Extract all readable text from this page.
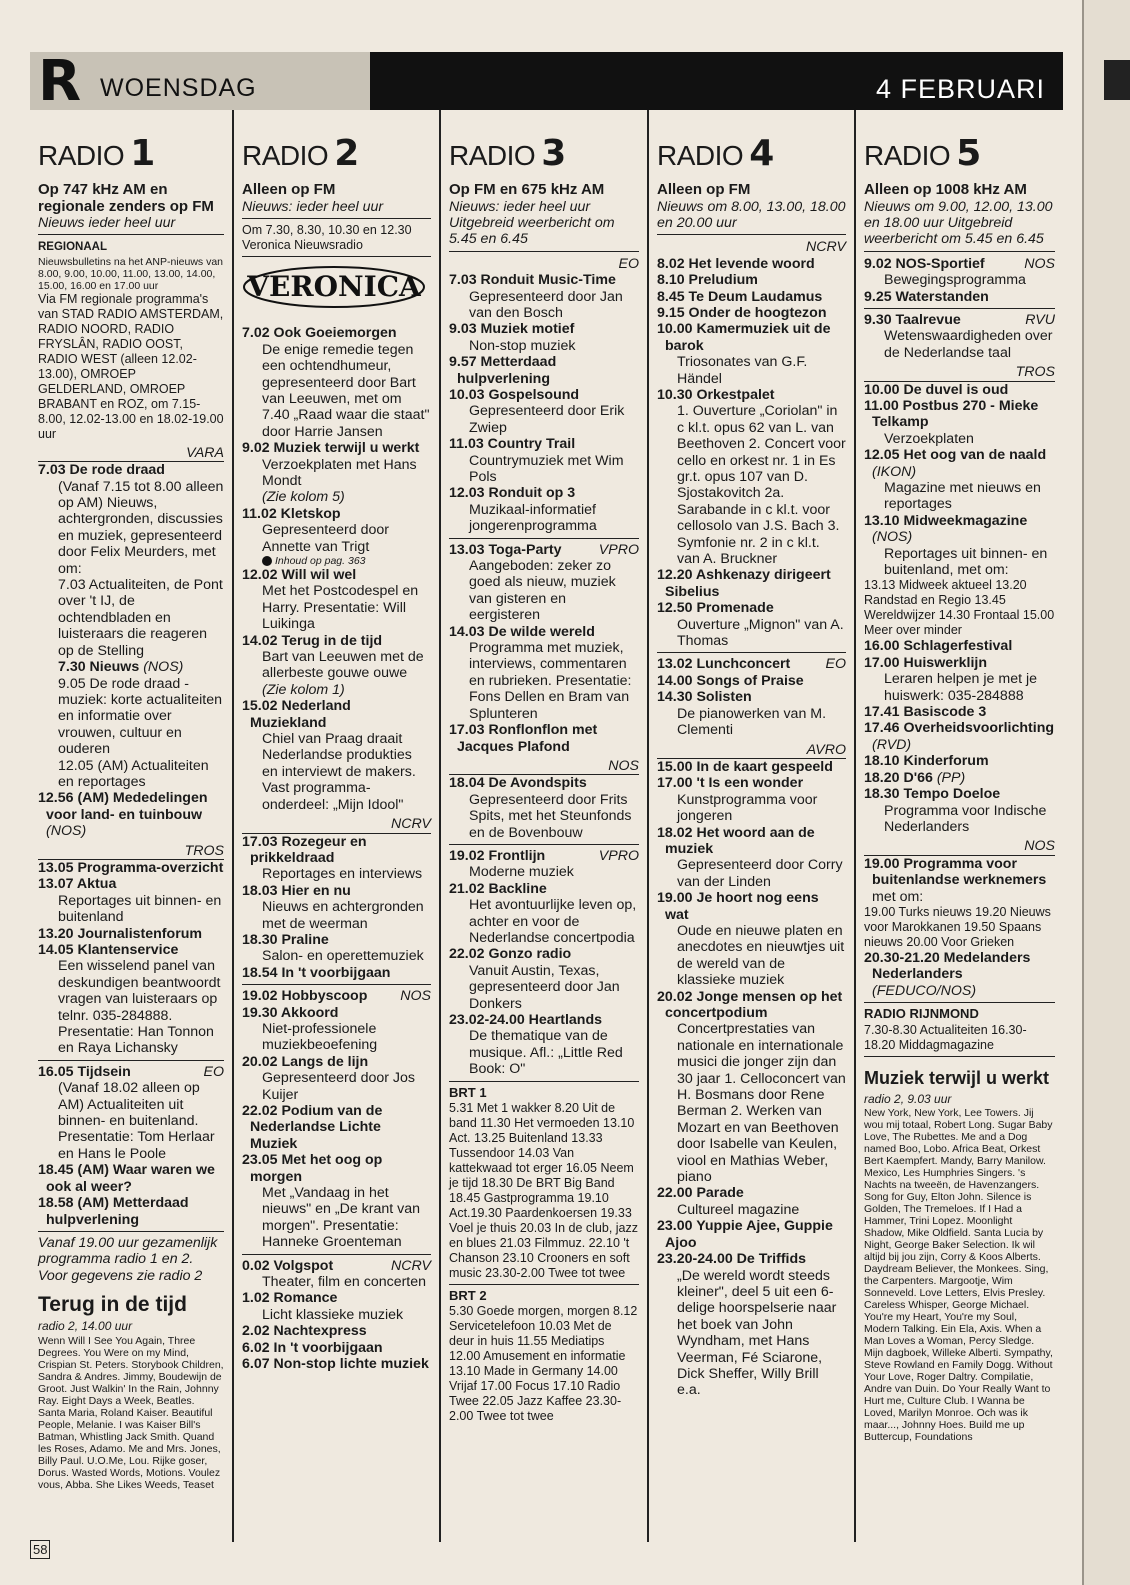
R WOENSDAG	4 FEBRUARI
RADIO 1
Op 747 kHz AM en regionale zenders op FM
Nieuws ieder heel uur
REGIONAAL
Nieuwsbulletins na het ANP-nieuws van 8.00, 9.00, 10.00, 11.00, 13.00, 14.00, 15.00, 16.00 en 17.00 uur
Via FM regionale programma's van STAD RADIO AMSTERDAM, RADIO NOORD, RADIO FRYSLÂN, RADIO OOST, RADIO WEST (alleen 12.02-13.00), OMROEP GELDERLAND, OMROEP BRABANT en ROZ, om 7.15-8.00, 12.02-13.00 en 18.02-19.00 uur
VARA
7.03 De rode draad
(Vanaf 7.15 tot 8.00 alleen op AM) Nieuws, achtergronden, discussies en muziek, gepresenteerd door Felix Meurders, met om:
7.03 Actualiteiten, de Pont over 't IJ, de ochtendbladen en luisteraars die reageren op de Stelling
7.30 Nieuws (NOS)
9.05 De rode draad - muziek: korte actualiteiten en informatie over vrouwen, cultuur en ouderen
12.05 (AM) Actualiteiten en reportages
12.56 (AM) Mededelingen voor land- en tuinbouw (NOS)
TROS
13.05 Programma-overzicht
13.07 Aktua
Reportages uit binnen- en buitenland
13.20 Journalistenforum
14.05 Klantenservice
Een wisselend panel van deskundigen beantwoordt vragen van luisteraars op telnr. 035-284888. Presentatie: Han Tonnon en Raya Lichansky
16.05 Tijdsein	EO
(Vanaf 18.02 alleen op AM) Actualiteiten uit binnen- en buitenland. Presentatie: Tom Herlaar en Hans le Poole
18.45 (AM) Waar waren we ook al weer?
18.58 (AM) Metterdaad hulpverlening
Vanaf 19.00 uur gezamenlijk programma radio 1 en 2. Voor gegevens zie radio 2
Terug in de tijd
radio 2, 14.00 uur
Wenn Will I See You Again, Three Degrees. You Were on my Mind, Crispian St. Peters. Storybook Children, Sandra & Andres. Jimmy, Boudewijn de Groot. Just Walkin' In the Rain, Johnny Ray. Eight Days a Week, Beatles. Santa Maria, Roland Kaiser. Beautiful People, Melanie. I was Kaiser Bill's Batman, Whistling Jack Smith. Quand les Roses, Adamo. Me and Mrs. Jones, Billy Paul. U.O.Me, Lou. Rijke goser, Dorus. Wasted Words, Motions. Voulez vous, Abba. She Likes Weeds, Teaset
RADIO 2
Alleen op FM
Nieuws: ieder heel uur
Om 7.30, 8.30, 10.30 en 12.30 Veronica Nieuwsradio
VERONICA
7.02 Ook Goeiemorgen
De enige remedie tegen een ochtendhumeur, gepresenteerd door Bart van Leeuwen, met om 7.40 „Raad waar die staat" door Harrie Jansen
9.02 Muziek terwijl u werkt
Verzoekplaten met Hans Mondt
(Zie kolom 5)
11.02 Kletskop
Gepresenteerd door Annette van Trigt
Inhoud op pag. 363
12.02 Will wil wel
Met het Postcodespel en Harry. Presentatie: Will Luikinga
14.02 Terug in de tijd
Bart van Leeuwen met de allerbeste gouwe ouwe
(Zie kolom 1)
15.02 Nederland Muziekland
Chiel van Praag draait Nederlandse produkties en interviewt de makers. Vast programma-onderdeel: „Mijn Idool"
NCRV
17.03 Rozegeur en prikkeldraad
Reportages en interviews
18.03 Hier en nu
Nieuws en achtergronden met de weerman
18.30 Praline
Salon- en operettemuziek
18.54 In 't voorbijgaan
19.02 Hobbyscoop NOS
19.30 Akkoord
Niet-professionele muziekbeoefening
20.02 Langs de lijn
Gepresenteerd door Jos Kuijer
22.02 Podium van de Nederlandse Lichte Muziek
23.05 Met het oog op morgen
Met „Vandaag in het nieuws" en „De krant van morgen". Presentatie: Hanneke Groenteman
0.02 Volgspot	NCRV
Theater, film en concerten
1.02 Romance
Licht klassieke muziek
2.02 Nachtexpress
6.02 In 't voorbijgaan
6.07 Non-stop lichte muziek
RADIO 3
Op FM en 675 kHz AM
Nieuws: ieder heel uur Uitgebreid weerbericht om 5.45 en 6.45
EO
7.03 Ronduit Music-Time
Gepresenteerd door Jan van den Bosch
9.03 Muziek motief
Non-stop muziek
9.57 Metterdaad hulpverlening
10.03 Gospelsound
Gepresenteerd door Erik Zwiep
11.03 Country Trail
Countrymuziek met Wim Pols
12.03 Ronduit op 3
Muzikaal-informatief jongerenprogramma
13.03 Toga-Party	VPRO
Aangeboden: zeker zo goed als nieuw, muziek van gisteren en eergisteren
14.03 De wilde wereld
Programma met muziek, interviews, commentaren en rubrieken. Presentatie: Fons Dellen en Bram van Splunteren
17.03 Ronflonflon met Jacques Plafond
NOS
18.04 De Avondspits
Gepresenteerd door Frits Spits, met het Steunfonds en de Bovenbouw
19.02 Frontlijn	VPRO
Moderne muziek
21.02 Backline
Het avontuurlijke leven op, achter en voor de Nederlandse concertpodia
22.02 Gonzo radio
Vanuit Austin, Texas, gepresenteerd door Jan Donkers
23.02-24.00 Heartlands
De thematique van de musique. Afl.: „Little Red Book: O"
BRT 1
5.31 Met 1 wakker 8.20 Uit de band 11.30 Het vermoeden 13.10 Act. 13.25 Buitenland 13.33 Tussendoor 14.03 Van kattekwaad tot erger 16.05 Neem je tijd 18.30 De BRT Big Band 18.45 Gastprogramma 19.10 Act.19.30 Paardenkoersen 19.33 Voel je thuis 20.03 In de club, jazz en blues 21.03 Filmmuz. 22.10 't Chanson 23.10 Crooners en soft music 23.30-2.00 Twee tot twee
BRT 2
5.30 Goede morgen, morgen 8.12 Servicetelefoon 10.03 Met de deur in huis 11.55 Mediatips 12.00 Amusement en informatie 13.10 Made in Germany 14.00 Vrijaf 17.00 Focus 17.10 Radio Twee 22.05 Jazz Kaffee 23.30-2.00 Twee tot twee
RADIO 4
Alleen op FM
Nieuws om 8.00, 13.00, 18.00 en 20.00 uur
NCRV
8.02 Het levende woord
8.10 Preludium
8.45 Te Deum Laudamus
9.15 Onder de hoogtezon
10.00 Kamermuziek uit de barok
Triosonates van G.F. Händel
10.30 Orkestpalet
1. Ouverture „Coriolan" in c kl.t. opus 62 van L. van Beethoven 2. Concert voor cello en orkest nr. 1 in Es gr.t. opus 107 van D. Sjostakovitch 2a. Sarabande in c kl.t. voor cellosolo van J.S. Bach 3. Symfonie nr. 2 in c kl.t. van A. Bruckner
12.20 Ashkenazy dirigeert Sibelius
12.50 Promenade
Ouverture „Mignon" van A. Thomas
13.02 Lunchconcert EO
14.00 Songs of Praise
14.30 Solisten
De pianowerken van M. Clementi
AVRO
15.00 In de kaart gespeeld
17.00 't Is een wonder
Kunstprogramma voor jongeren
18.02 Het woord aan de muziek
Gepresenteerd door Corry van der Linden
19.00 Je hoort nog eens wat
Oude en nieuwe platen en anecdotes en nieuwtjes uit de wereld van de klassieke muziek
20.02 Jonge mensen op het concertpodium
Concertprestaties van nationale en internationale musici die jonger zijn dan 30 jaar 1. Celloconcert van H. Bosmans door Rene Berman 2. Werken van Mozart en van Beethoven door Isabelle van Keulen, viool en Mathias Weber, piano
22.00 Parade
Cultureel magazine
23.00 Yuppie Ajee, Guppie Ajoo
23.20-24.00 De Triffids
„De wereld wordt steeds kleiner", deel 5 uit een 6-delige hoorspelserie naar het boek van John Wyndham, met Hans Veerman, Fé Sciarone, Dick Sheffer, Willy Brill e.a.
RADIO 5
Alleen op 1008 kHz AM
Nieuws om 9.00, 12.00, 13.00 en 18.00 uur Uitgebreid weerbericht om 5.45 en 6.45
9.02 NOS-Sportief	NOS
Bewegingsprogramma
9.25 Waterstanden
9.30 Taalrevue	RVU
Wetenswaardigheden over de Nederlandse taal
TROS
10.00 De duvel is oud
11.00 Postbus 270 - Mieke Telkamp
Verzoekplaten
12.05 Het oog van de naald (IKON)
Magazine met nieuws en reportages
13.10 Midweekmagazine (NOS)
Reportages uit binnen- en buitenland, met om:
13.13 Midweek aktueel 13.20 Randstad en Regio 13.45 Wereldwijzer 14.30 Frontaal 15.00 Meer over minder
16.00 Schlagerfestival
17.00 Huiswerklijn
Leraren helpen je met je huiswerk: 035-284888
17.41 Basiscode 3
17.46 Overheidsvoorlichting (RVD)
18.10 Kinderforum
18.20 D'66 (PP)
18.30 Tempo Doeloe
Programma voor Indische Nederlanders
NOS
19.00 Programma voor buitenlandse werknemers met om:
19.00 Turks nieuws 19.20 Nieuws voor Marokkanen 19.50 Spaans nieuws 20.00 Voor Grieken
20.30-21.20 Medelanders Nederlanders (FEDUCO/NOS)
RADIO RIJNMOND
7.30-8.30 Actualiteiten 16.30-18.20 Middagmagazine
Muziek terwijl u werkt
radio 2, 9.03 uur
New York, New York, Lee Towers. Jij wou mij totaal, Robert Long. Sugar Baby Love, The Rubettes. Me and a Dog named Boo, Lobo. Africa Beat, Orkest Bert Kaempfert. Mandy, Barry Manilow. Mexico, Les Humphries Singers. 's Nachts na tweeën, de Havenzangers. Song for Guy, Elton John. Silence is Golden, The Tremeloes. If I Had a Hammer, Trini Lopez. Moonlight Shadow, Mike Oldfield. Santa Lucia by Night, George Baker Selection. Ik wil altijd bij jou zijn, Corry & Koos Alberts. Daydream Believer, the Monkees. Sing, the Carpenters. Margootje, Wim Sonneveld. Love Letters, Elvis Presley. Careless Whisper, George Michael. You're my Heart, You're my Soul, Modern Talking. Ein Ela, Axis. When a Man Loves a Woman, Percy Sledge. Mijn dagboek, Willeke Alberti. Sympathy, Steve Rowland en Family Dogg. Without Your Love, Roger Daltry. Compilatie, Andre van Duin. Do Your Really Want to Hurt me, Culture Club. I Wanna be Loved, Marilyn Monroe. Och was ik maar..., Johnny Hoes. Build me up Buttercup, Foundations
58
